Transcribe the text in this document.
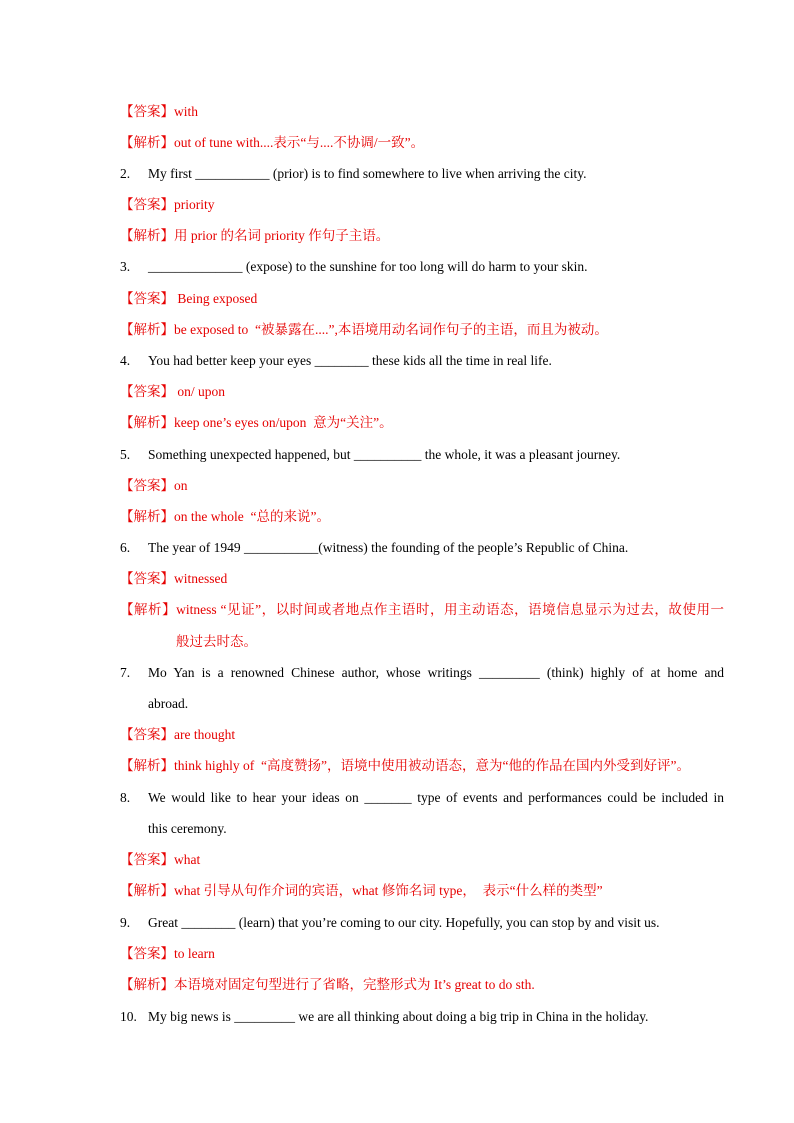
【答案】with
【解析】out of tune with....表示“与....不协调/一致”。
2. My first ___________ (prior) is to find somewhere to live when arriving the city.
【答案】priority
【解析】用 prior 的名词 priority 作句子主语。
3. ______________ (expose) to the sunshine for too long will do harm to your skin.
【答案】 Being exposed
【解析】be exposed to  “被暴露在....”,本语境用动名词作句子的主语，而且为被动。
4. You had better keep your eyes ________ these kids all the time in real life.
【答案】 on/ upon
【解析】keep one’s eyes on/upon  意为“关注”。
5. Something unexpected happened, but __________ the whole, it was a pleasant journey.
【答案】on
【解析】on the whole  “总的来说”。
6. The year of 1949 ___________(witness) the founding of the people’s Republic of China.
【答案】witnessed
【解析】witness “见证”，以时间或者地点作主语时，用主动语态，语境信息显示为过去，故使用一
般过去时态。
7. Mo Yan is a renowned Chinese author, whose writings _________ (think) highly of at home and
abroad.
【答案】are thought
【解析】think highly of  “高度赞扬”，语境中使用被动语态，意为“他的作品在国内外受到好评”。
8. We would like to hear your ideas on _______ type of events and performances could be included in
this ceremony.
【答案】what
【解析】what 引导从句作介词的宾语，what 修饰名词 type，  表示“什么样的类型”
9. Great ________ (learn) that you’re coming to our city. Hopefully, you can stop by and visit us.
【答案】to learn
【解析】本语境对固定句型进行了省略，完整形式为 It’s great to do sth.
10. My big news is _________ we are all thinking about doing a big trip in China in the holiday.
